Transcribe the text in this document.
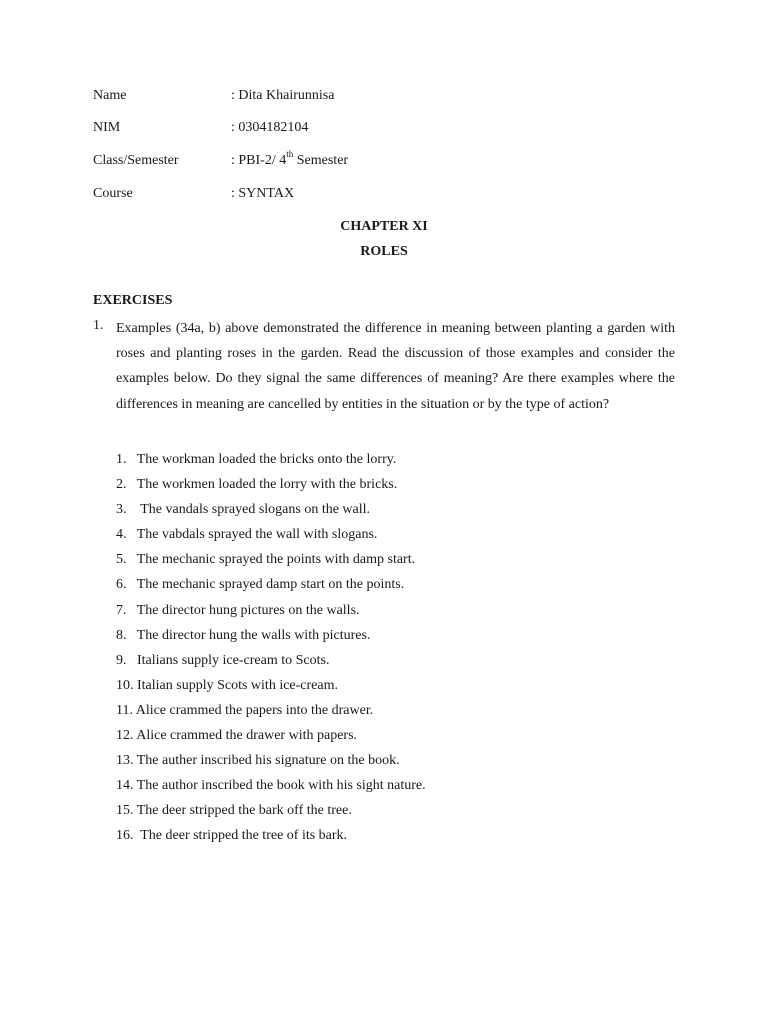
Name	: Dita Khairunnisa
NIM	: 0304182104
Class/Semester	: PBI-2/ 4th Semester
Course	: SYNTAX
CHAPTER XI
ROLES
EXERCISES
1. Examples (34a, b) above demonstrated the difference in meaning between planting a garden with roses and planting roses in the garden. Read the discussion of those examples and consider the examples below. Do they signal the same differences of meaning? Are there examples where the differences in meaning are cancelled by entities in the situation or by the type of action?
1.   The workman loaded the bricks onto the lorry.
2.   The workmen loaded the lorry with the bricks.
3.    The vandals sprayed slogans on the wall.
4.   The vabdals sprayed the wall with slogans.
5.   The mechanic sprayed the points with damp start.
6.   The mechanic sprayed damp start on the points.
7.   The director hung pictures on the walls.
8.   The director hung the walls with pictures.
9.   Italians supply ice-cream to Scots.
10. Italian supply Scots with ice-cream.
11. Alice crammed the papers into the drawer.
12. Alice crammed the drawer with papers.
13. The auther inscribed his signature on the book.
14. The author inscribed the book with his sight nature.
15. The deer stripped the bark off the tree.
16.  The deer stripped the tree of its bark.
